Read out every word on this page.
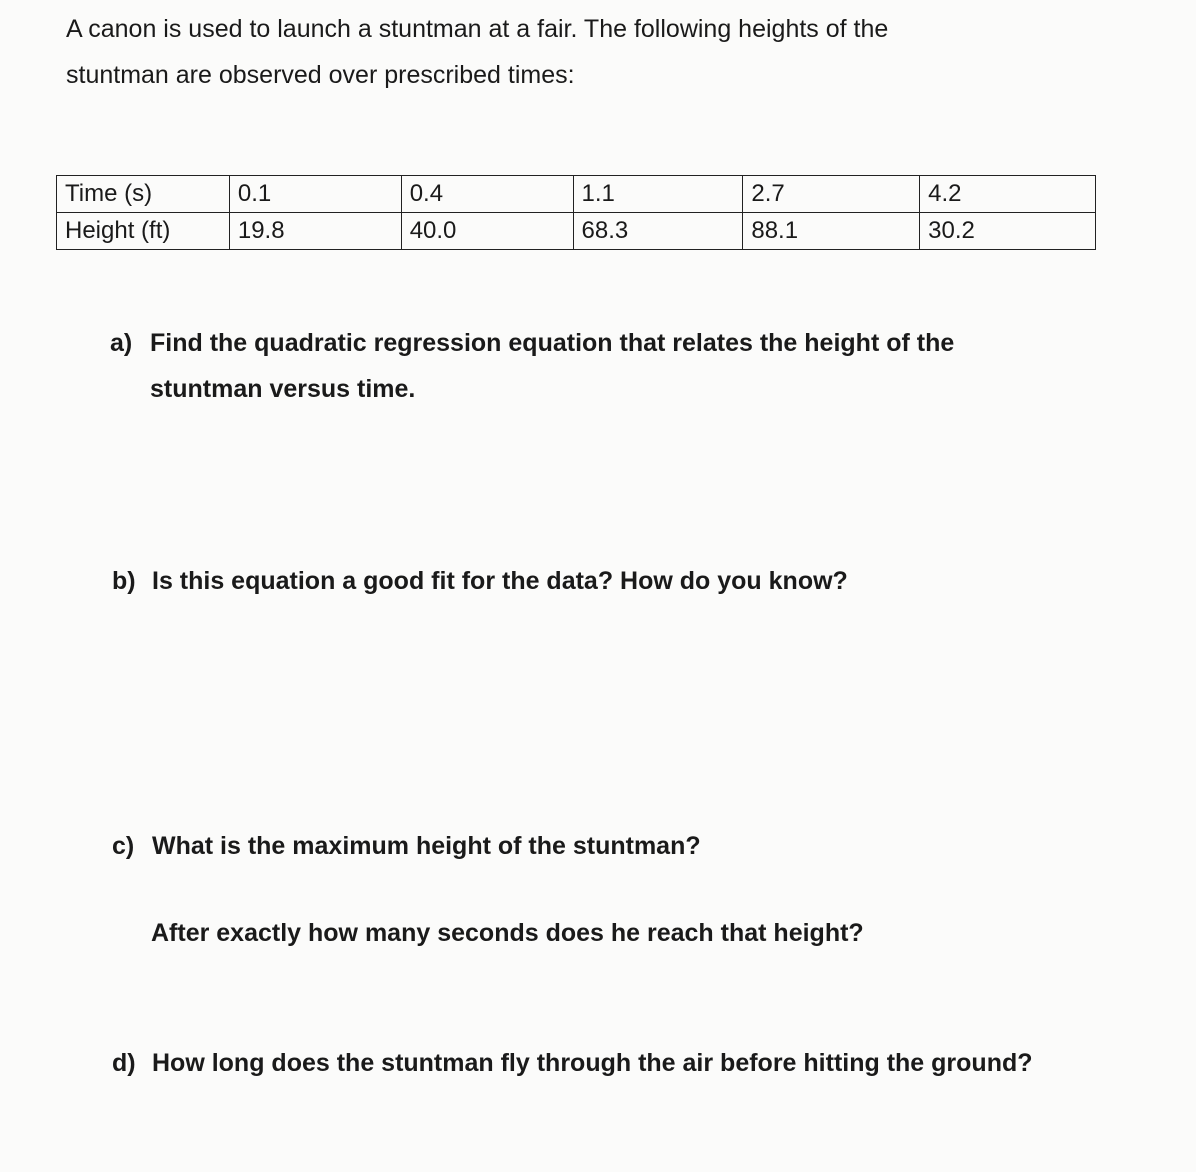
A canon is used to launch a stuntman at a fair. The following heights of the
stuntman are observed over prescribed times:

Time (s)	0.1	0.4	1.1	2.7	4.2
Height (ft)	19.8	40.0	68.3	88.1	30.2

a) Find the quadratic regression equation that relates the height of the
stuntman versus time.

b) Is this equation a good fit for the data? How do you know?

c) What is the maximum height of the stuntman?

After exactly how many seconds does he reach that height?

d) How long does the stuntman fly through the air before hitting the ground?
